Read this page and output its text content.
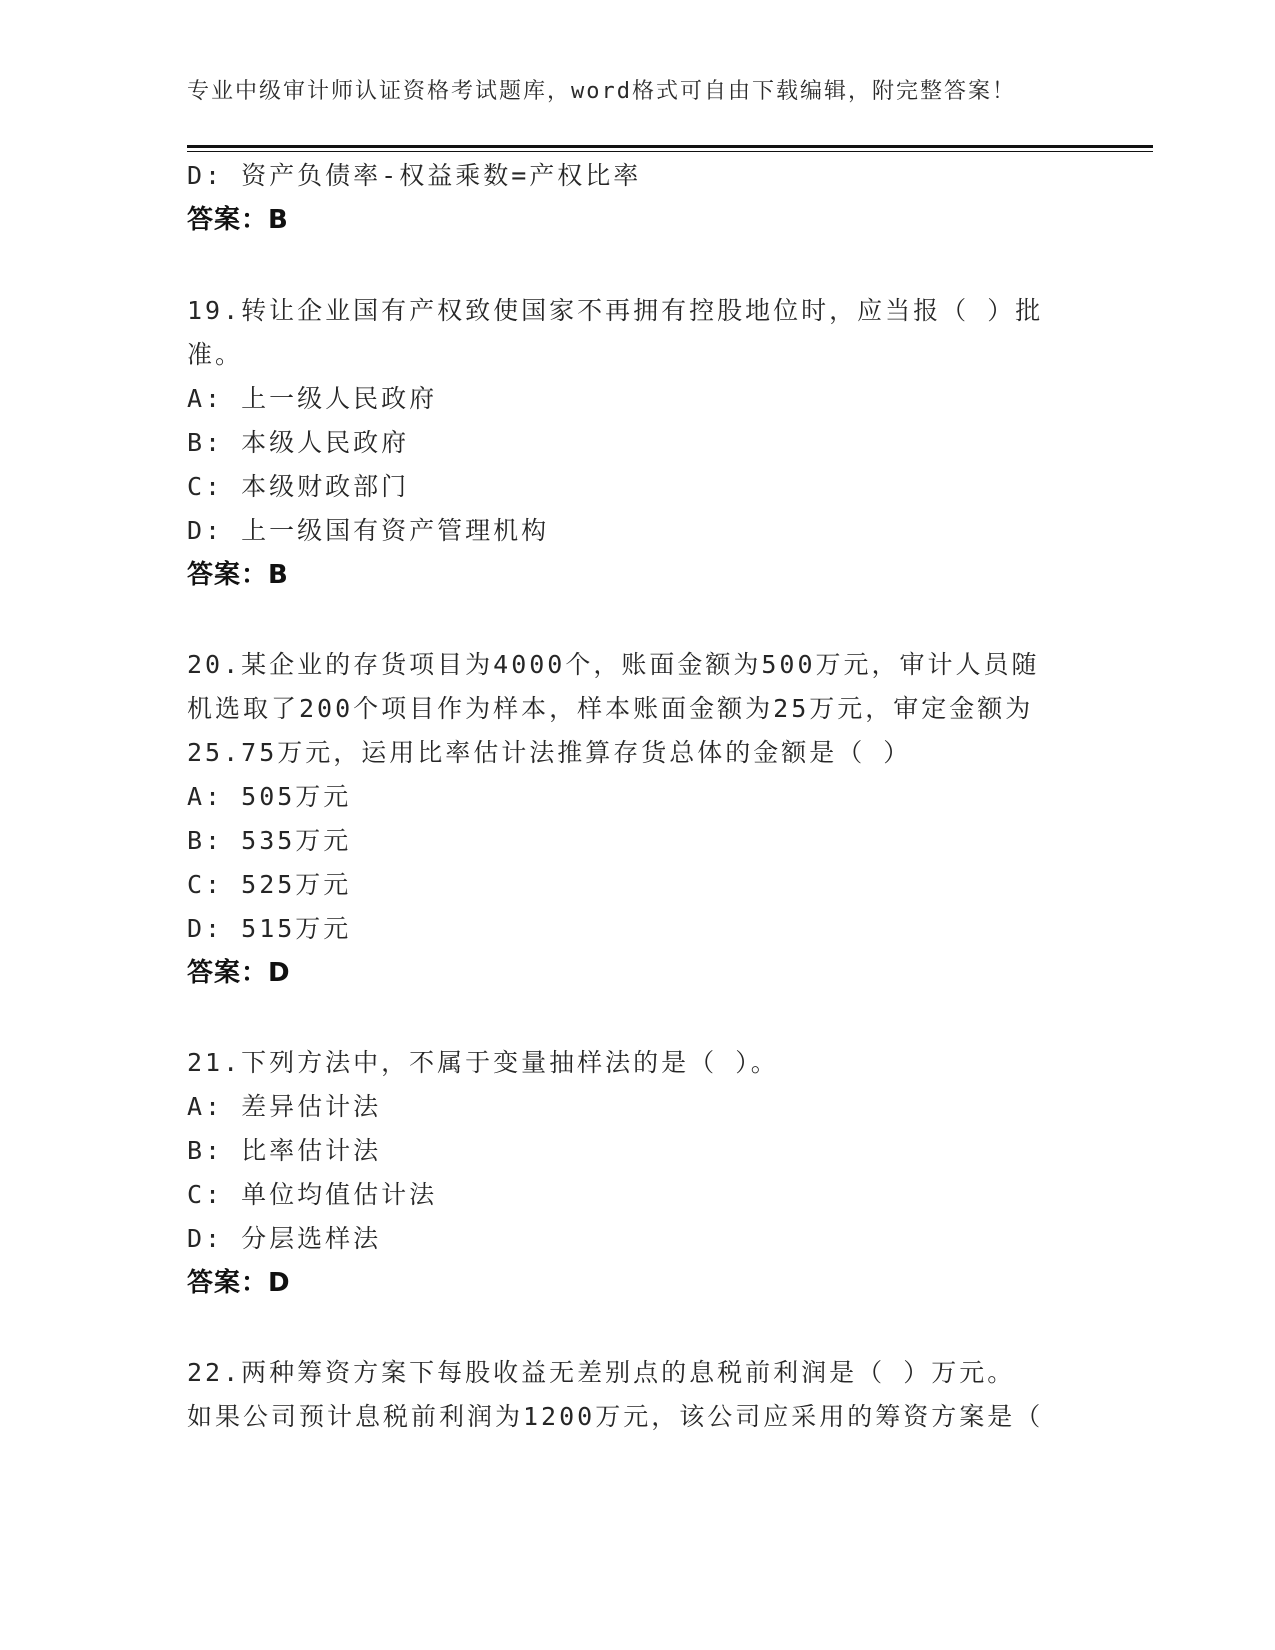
专业中级审计师认证资格考试题库，word格式可自由下载编辑，附完整答案！
D: 资产负债率-权益乘数=产权比率
答案：B
19.转让企业国有产权致使国家不再拥有控股地位时，应当报（ ）批
准。
A: 上一级人民政府
B: 本级人民政府
C: 本级财政部门
D: 上一级国有资产管理机构
答案：B
20.某企业的存货项目为4000个，账面金额为500万元，审计人员随
机选取了200个项目作为样本，样本账面金额为25万元，审定金额为
25.75万元，运用比率估计法推算存货总体的金额是（ ）
A: 505万元
B: 535万元
C: 525万元
D: 515万元
答案：D
21.下列方法中，不属于变量抽样法的是（ ）。
A: 差异估计法
B: 比率估计法
C: 单位均值估计法
D: 分层选样法
答案：D
22.两种筹资方案下每股收益无差别点的息税前利润是（ ）万元。
如果公司预计息税前利润为1200万元，该公司应采用的筹资方案是（
